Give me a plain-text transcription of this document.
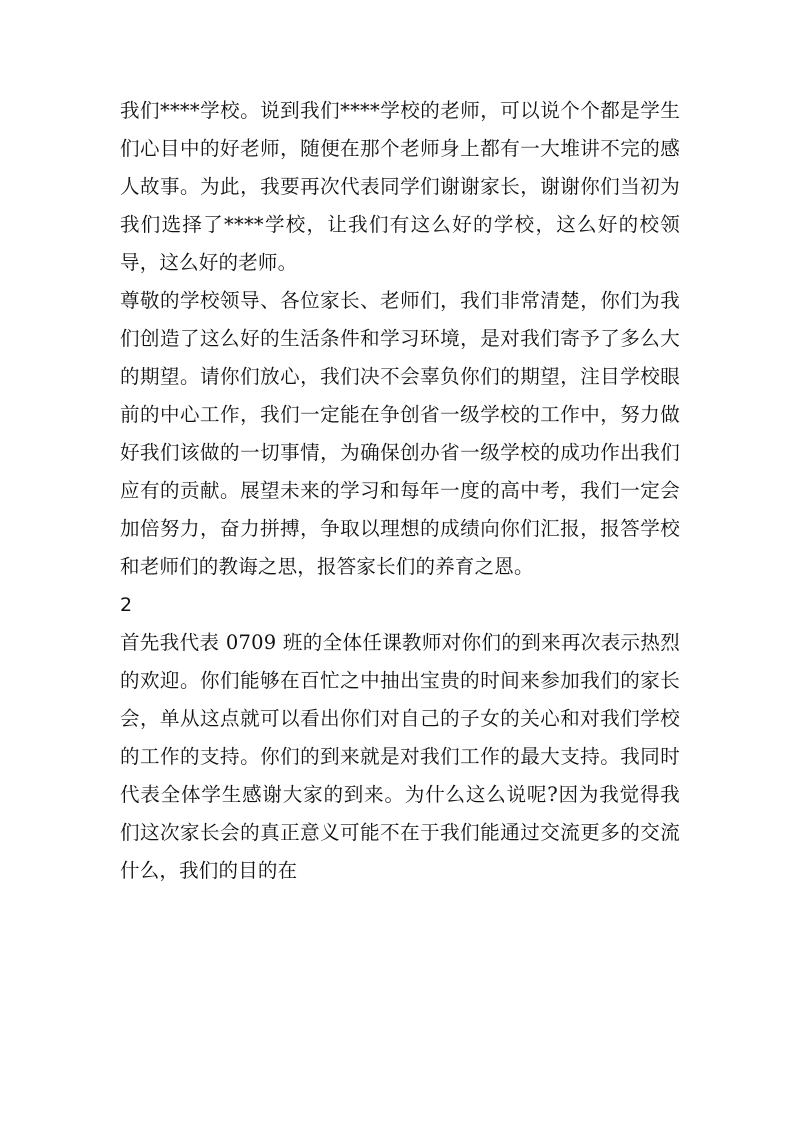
我们****学校。说到我们****学校的老师，可以说个个都是学生们心目中的好老师，随便在那个老师身上都有一大堆讲不完的感人故事。为此，我要再次代表同学们谢谢家长，谢谢你们当初为我们选择了****学校，让我们有这么好的学校，这么好的校领导，这么好的老师。

尊敬的学校领导、各位家长、老师们，我们非常清楚，你们为我们创造了这么好的生活条件和学习环境，是对我们寄予了多么大的期望。请你们放心，我们决不会辜负你们的期望，注目学校眼前的中心工作，我们一定能在争创省一级学校的工作中，努力做好我们该做的一切事情，为确保创办省一级学校的成功作出我们应有的贡献。展望未来的学习和每年一度的高中考，我们一定会加倍努力，奋力拼搏，争取以理想的成绩向你们汇报，报答学校和老师们的教诲之思，报答家长们的养育之恩。

2

首先我代表 0709 班的全体任课教师对你们的到来再次表示热烈的欢迎。你们能够在百忙之中抽出宝贵的时间来参加我们的家长会，单从这点就可以看出你们对自己的子女的关心和对我们学校的工作的支持。你们的到来就是对我们工作的最大支持。我同时代表全体学生感谢大家的到来。为什么这么说呢?因为我觉得我们这次家长会的真正意义可能不在于我们能通过交流更多的交流什么，我们的目的在
